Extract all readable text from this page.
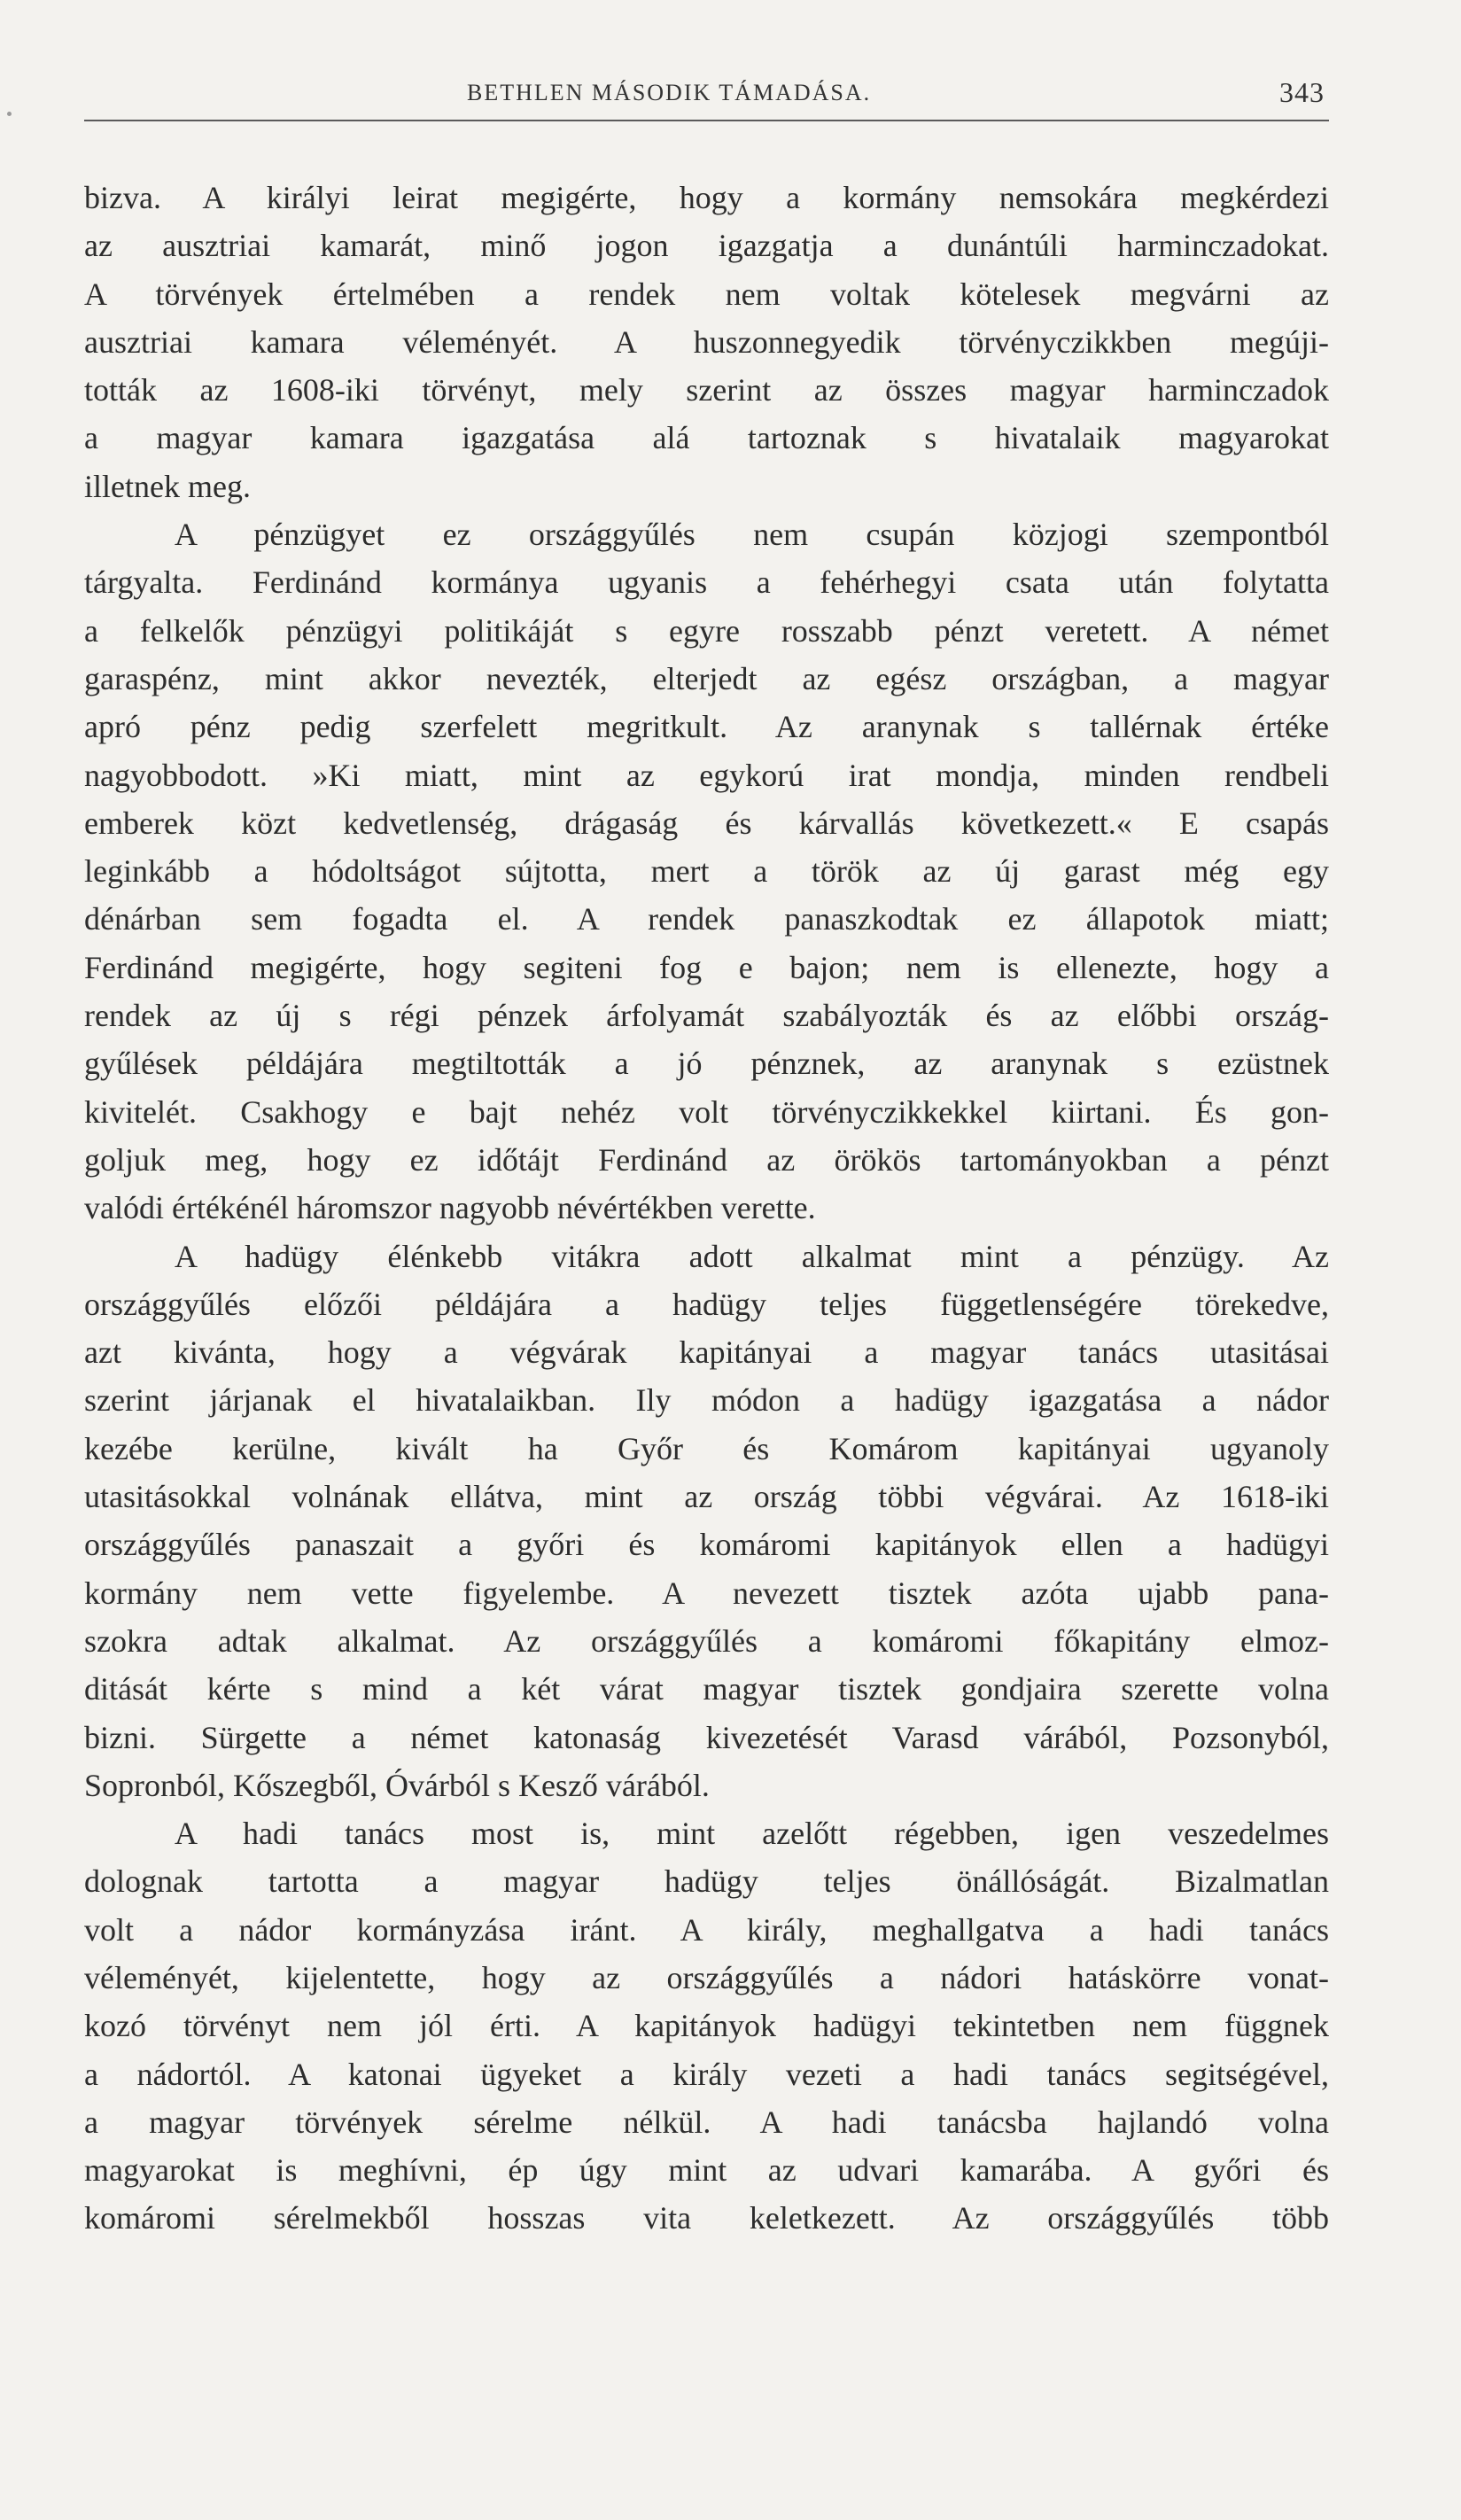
BETHLEN MÁSODIK TÁMADÁSA.	343
bizva. A királyi leirat megigérte, hogy a kormány nemsokára megkérdezi
az ausztriai kamarát, minő jogon igazgatja a dunántúli harminczadokat.
A törvények értelmében a rendek nem voltak kötelesek megvárni az
ausztriai kamara véleményét. A huszonnegyedik törvényczikkben megúji-
tották az 1608-iki törvényt, mely szerint az összes magyar harminczadok
a magyar kamara igazgatása alá tartoznak s hivatalaik magyarokat
illetnek meg.
A pénzügyet ez országgyűlés nem csupán közjogi szempontból
tárgyalta. Ferdinánd kormánya ugyanis a fehérhegyi csata után folytatta
a felkelők pénzügyi politikáját s egyre rosszabb pénzt veretett. A német
garaspénz, mint akkor nevezték, elterjedt az egész országban, a magyar
apró pénz pedig szerfelett megritkult. Az aranynak s tallérnak értéke
nagyobbodott. »Ki miatt, mint az egykorú irat mondja, minden rendbeli
emberek közt kedvetlenség, drágaság és kárvallás következett.« E csapás
leginkább a hódoltságot sújtotta, mert a török az új garast még egy
dénárban sem fogadta el. A rendek panaszkodtak ez állapotok miatt;
Ferdinánd megigérte, hogy segiteni fog e bajon; nem is ellenezte, hogy a
rendek az új s régi pénzek árfolyamát szabályozták és az előbbi ország-
gyűlések példájára megtiltották a jó pénznek, az aranynak s ezüstnek
kivitelét. Csakhogy e bajt nehéz volt törvényczikkekkel kiirtani. És gon-
goljuk meg, hogy ez időtájt Ferdinánd az örökös tartományokban a pénzt
valódi értékénél háromszor nagyobb névértékben verette.
A hadügy élénkebb vitákra adott alkalmat mint a pénzügy. Az
országgyűlés előzői példájára a hadügy teljes függetlenségére törekedve,
azt kivánta, hogy a végvárak kapitányai a magyar tanács utasitásai
szerint járjanak el hivatalaikban. Ily módon a hadügy igazgatása a nádor
kezébe kerülne, kivált ha Győr és Komárom kapitányai ugyanoly
utasitásokkal volnának ellátva, mint az ország többi végvárai. Az 1618-iki
országgyűlés panaszait a győri és komáromi kapitányok ellen a hadügyi
kormány nem vette figyelembe. A nevezett tisztek azóta ujabb pana-
szokra adtak alkalmat. Az országgyűlés a komáromi főkapitány elmoz-
ditását kérte s mind a két várat magyar tisztek gondjaira szerette volna
bizni. Sürgette a német katonaság kivezetését Varasd várából, Pozsonyból,
Sopronból, Kőszegből, Óvárból s Kesző várából.
A hadi tanács most is, mint azelőtt régebben, igen veszedelmes
dolognak tartotta a magyar hadügy teljes önállóságát. Bizalmatlan
volt a nádor kormányzása iránt. A király, meghallgatva a hadi tanács
véleményét, kijelentette, hogy az országgyűlés a nádori hatáskörre vonat-
kozó törvényt nem jól érti. A kapitányok hadügyi tekintetben nem függnek
a nádortól. A katonai ügyeket a király vezeti a hadi tanács segitségével,
a magyar törvények sérelme nélkül. A hadi tanácsba hajlandó volna
magyarokat is meghívni, ép úgy mint az udvari kamarába. A győri és
komáromi sérelmekből hosszas vita keletkezett. Az országgyűlés több
